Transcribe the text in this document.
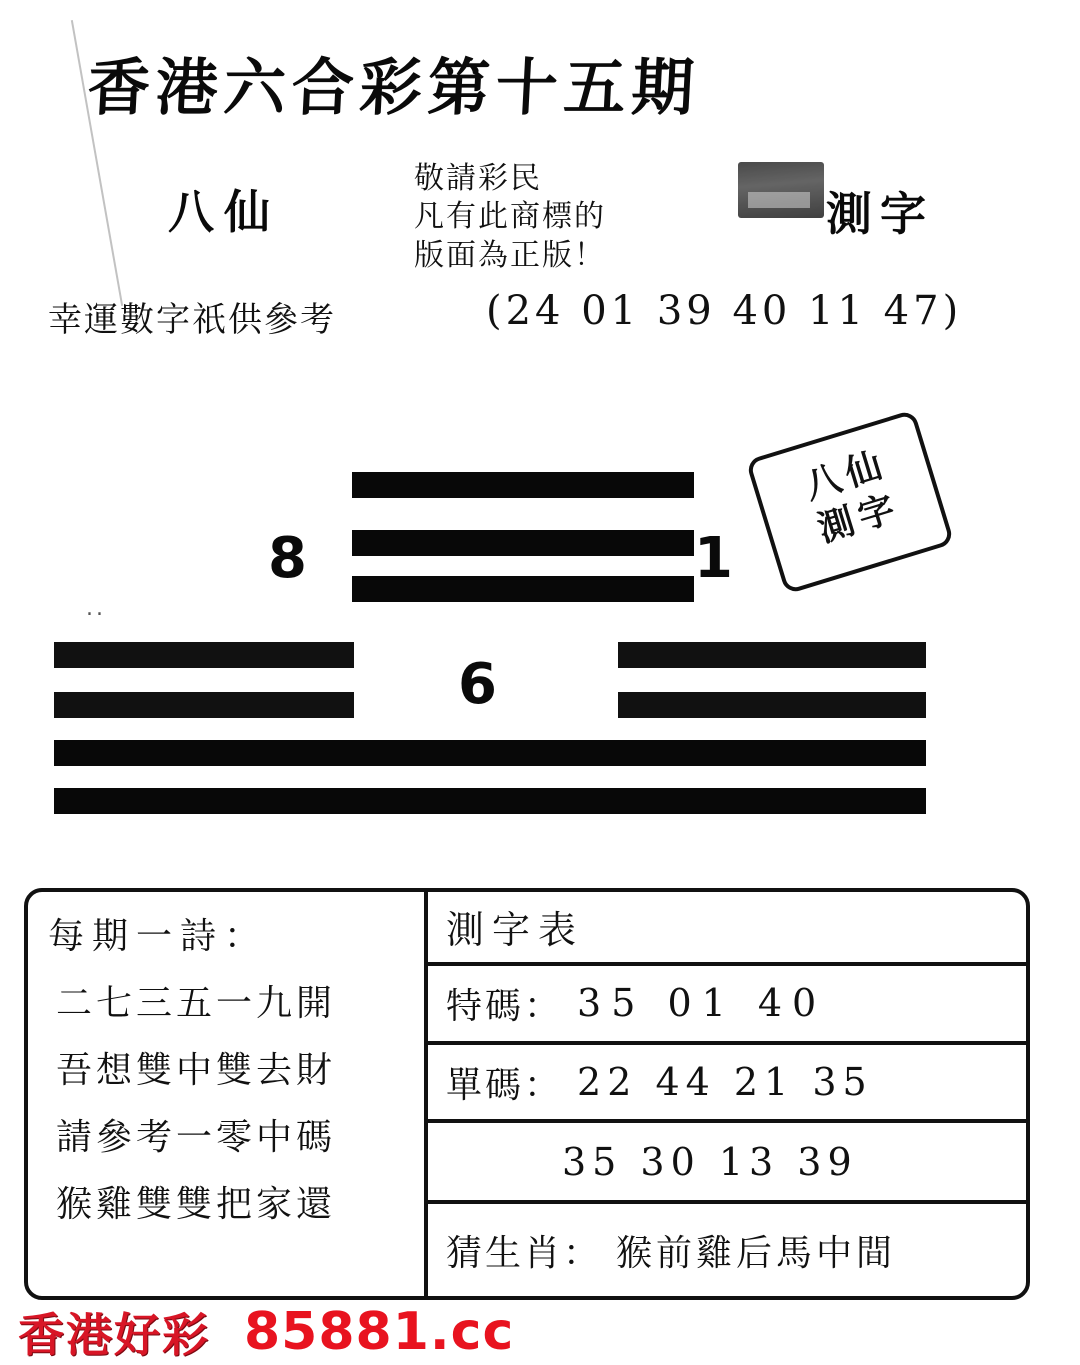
香港六合彩第十五期
八仙
敬請彩民
凡有此商標的
版面為正版！
測字
幸運數字祇供參考	(24 01 39 40 11 47)
..
8	1
6
八仙
測字
每期一詩：
二七三五一九開
吾想雙中雙去財
請參考一零中碼
猴雞雙雙把家還
測字表
特碼： 35 01 40
單碼： 22 44 21 35
35 30 13 39
猜生肖： 猴前雞后馬中間
香港好彩 85881.cc
